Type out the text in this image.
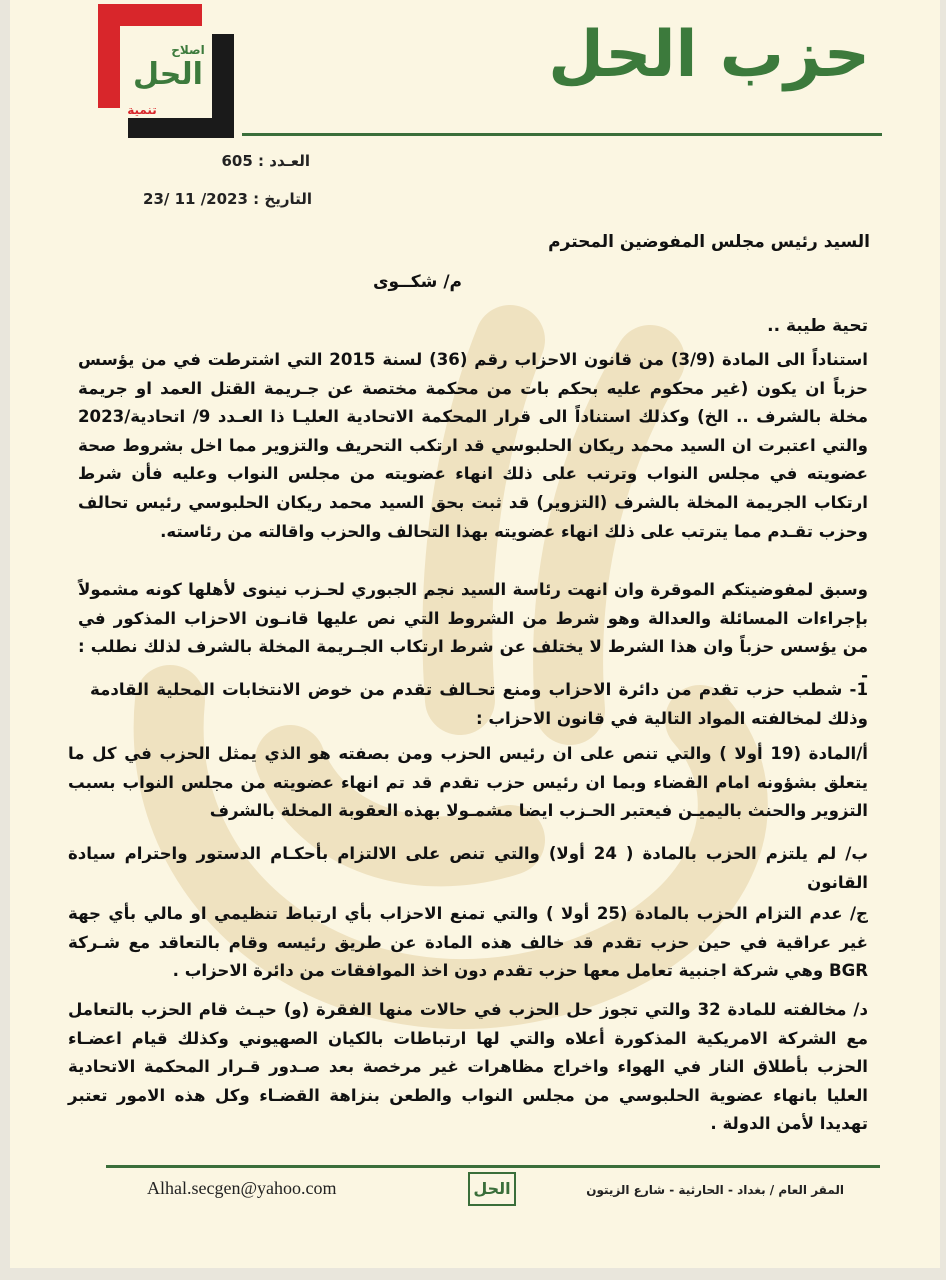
الحل
اصلاح
تنمية
حزب الحل
العـدد : 605
التاريخ : 23/ 11 /2023
السيد رئيس مجلس المفوضين المحترم
م/ شكــوى
تحية طيبة ..
استناداً الى المادة (3/9) من قانون الاحزاب رقم (36) لسنة 2015 التي اشترطت في من يؤسس حزباً ان يكون (غير محكوم عليه بحكم بات من محكمة مختصة عن جـريمة القتل العمد او جريمة مخلة بالشرف .. الخ) وكذلك استناداً الى قرار المحكمة الاتحادية العليـا ذا العـدد 9/ اتحادية/2023 والتي اعتبرت ان السيد محمد ريكان الحلبوسي قد ارتكب التحريف والتزوير مما اخل بشروط صحة عضويته في مجلس النواب وترتب على ذلك انهاء عضويته من مجلس النواب وعليه فأن شرط ارتكاب الجريمة المخلة بالشرف (التزوير) قد ثبت بحق السيد محمد ريكان الحلبوسي رئيس تحالف وحزب تقـدم مما يترتب على ذلك انهاء عضويته بهذا التحالف والحزب واقالته من رئاسته.
وسبق لمفوضيتكم الموقرة وان انهت رئاسة السيد نجم الجبوري لحـزب نينوى لأهلها كونه مشمولاً بإجراءات المسائلة والعدالة وهو شرط من الشروط التي نص عليها قانـون الاحزاب المذكور في من يؤسس حزباً وان هذا الشرط لا يختلف عن شرط ارتكاب الجـريمة المخلة بالشرف لذلك نطلب : -
1- شطب حزب تقدم من دائرة الاحزاب ومنع تحـالف تقدم من خوض الانتخابات المحلية القادمة وذلك لمخالفته المواد التالية في قانون الاحزاب :
أ/المادة (19 أولا ) والتي تنص على ان رئيس الحزب ومن بصفته هو الذي يمثل الحزب في كل ما يتعلق بشؤونه امام القضاء وبما ان رئيس حزب تقدم قد تم انهاء عضويته من مجلس النواب بسبب التزوير والحنث باليميـن فيعتبر الحـزب ايضا مشمـولا بهذه العقوبة المخلة بالشرف
ب/ لم يلتزم الحزب بالمادة ( 24 أولا) والتي تنص على الالتزام بأحكـام الدستور واحترام سيادة القانون
ج/ عدم التزام الحزب بالمادة (25 أولا ) والتي تمنع الاحزاب بأي ارتباط تنظيمي او مالي بأي جهة غير عراقية في حين حزب تقدم قد خالف هذه المادة عن طريق رئيسه وقام بالتعاقد مع شـركة BGR وهي شركة اجنبية تعامل معها حزب تقدم دون اخذ الموافقات من دائرة الاحزاب .
د/ مخالفته للمادة 32 والتي تجوز حل الحزب في حالات منها الفقرة (و) حيـث قام الحزب بالتعامل مع الشركة الامريكية المذكورة أعلاه والتي لها ارتباطات بالكيان الصهيوني وكذلك قيام اعضـاء الحزب بأطلاق النار في الهواء واخراج مظاهرات غير مرخصة بعد صـدور قـرار المحكمة الاتحادية العليا بانهاء عضوية الحلبوسي من مجلس النواب والطعن بنزاهة القضـاء وكل هذه الامور تعتبر تهديدا لأمن الدولة .
Alhal.secgen@yahoo.com	الحل	المقر العام / بغداد - الحارثية - شارع الزيتون
